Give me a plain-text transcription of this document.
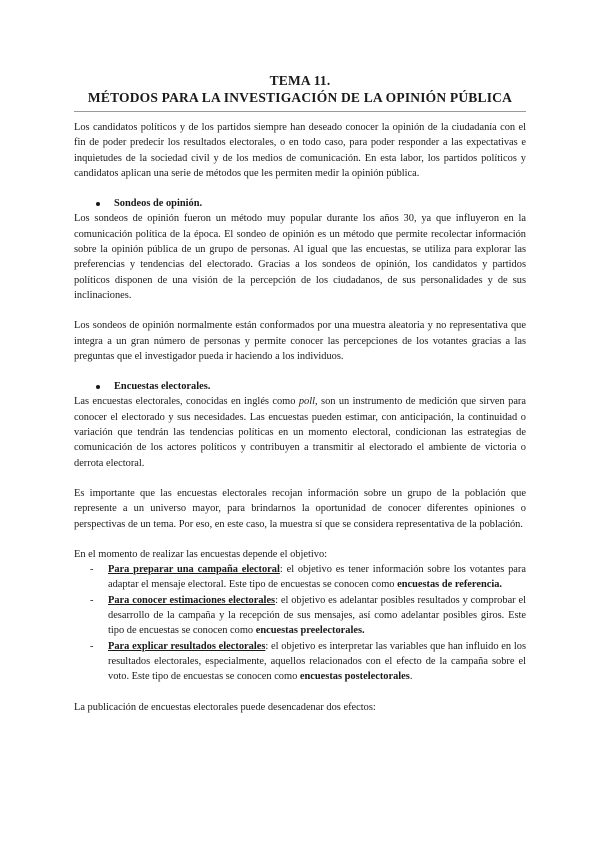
TEMA 11.
MÉTODOS PARA LA INVESTIGACIÓN DE LA OPINIÓN PÚBLICA

Los candidatos políticos y de los partidos siempre han deseado conocer la opinión de la ciudadanía con el fin de poder predecir los resultados electorales, o en todo caso, para poder responder a las expectativas e inquietudes de la sociedad civil y de los medios de comunicación. En esta labor, los partidos políticos y candidatos aplican una serie de métodos que les permiten medir la opinión pública.

Sondeos de opinión.

Los sondeos de opinión fueron un método muy popular durante los años 30, ya que influyeron en la comunicación política de la época. El sondeo de opinión es un método que permite recolectar información sobre la opinión pública de un grupo de personas. Al igual que las encuestas, se utiliza para explorar las preferencias y tendencias del electorado. Gracias a los sondeos de opinión, los candidatos y partidos políticos disponen de una visión de la percepción de los ciudadanos, de sus personalidades y de sus inclinaciones.

Los sondeos de opinión normalmente están conformados por una muestra aleatoria y no representativa que integra a un gran número de personas y permite conocer las percepciones de los votantes gracias a las preguntas que el investigador pueda ir haciendo a los individuos.

Encuestas electorales.

Las encuestas electorales, conocidas en inglés como poll, son un instrumento de medición que sirven para conocer el electorado y sus necesidades. Las encuestas pueden estimar, con anticipación, la continuidad o variación que tendrán las tendencias políticas en un momento electoral, condicionan las estrategias de comunicación de los actores políticos y contribuyen a transmitir al electorado el ambiente de victoria o derrota electoral.

Es importante que las encuestas electorales recojan información sobre un grupo de la población que represente a un universo mayor, para brindarnos la oportunidad de conocer diferentes opiniones o perspectivas de un tema. Por eso, en este caso, la muestra sí que se considera representativa de la población.

En el momento de realizar las encuestas depende el objetivo:
-	Para preparar una campaña electoral: el objetivo es tener información sobre los votantes para adaptar el mensaje electoral. Este tipo de encuestas se conocen como encuestas de referencia.
-	Para conocer estimaciones electorales: el objetivo es adelantar posibles resultados y comprobar el desarrollo de la campaña y la recepción de sus mensajes, así como adelantar posibles giros. Este tipo de encuestas se conocen como encuestas preelectorales.
-	Para explicar resultados electorales: el objetivo es interpretar las variables que han influido en los resultados electorales, especialmente, aquellos relacionados con el efecto de la campaña sobre el voto. Este tipo de encuestas se conocen como encuestas postelectorales.

La publicación de encuestas electorales puede desencadenar dos efectos:
